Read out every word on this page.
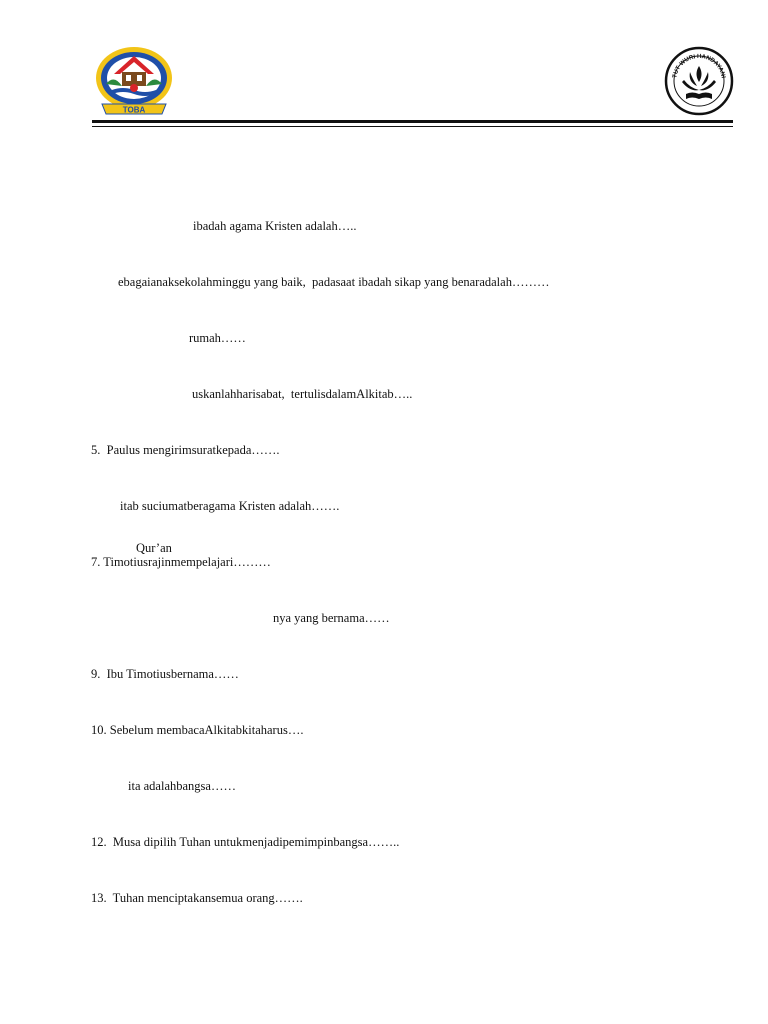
TOBA
TUT WURI HANDAYANI
ibadah agama Kristen adalah…..
ebagaianaksekolahminggu yang baik,  padasaat ibadah sikap yang benaradalah………
rumah……
uskanlahharisabat,  tertulisdalamAlkitab…..
5.  Paulus mengirimsuratkepada…….
itab suciumatberagama Kristen adalah…….
Qur’an
7. Timotiusrajinmempelajari………
nya yang bernama……
9.  Ibu Timotiusbernama……
10. Sebelum membacaAlkitabkitaharus….
ita adalahbangsa……
12.  Musa dipilih Tuhan untukmenjadipemimpinbangsa……..
13.  Tuhan menciptakansemua orang…….
